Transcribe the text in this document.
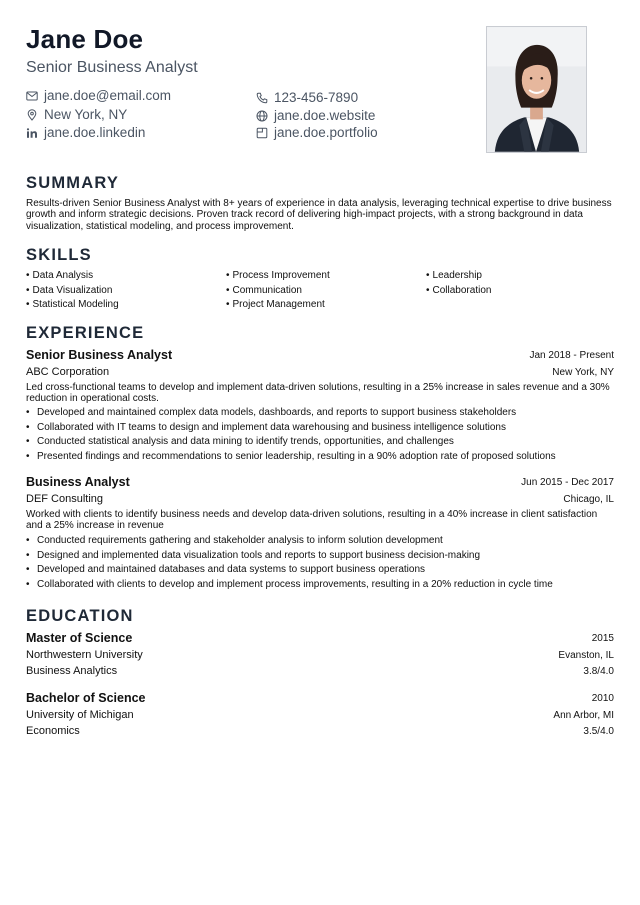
Jane Doe
Senior Business Analyst
jane.doe@email.com
New York, NY
jane.doe.linkedin
123-456-7890
jane.doe.website
jane.doe.portfolio
SUMMARY
Results-driven Senior Business Analyst with 8+ years of experience in data analysis, leveraging technical expertise to drive business growth and inform strategic decisions. Proven track record of delivering high-impact projects, with a strong background in data visualization, statistical modeling, and process improvement.
SKILLS
• Data Analysis
• Data Visualization
• Statistical Modeling
• Process Improvement
• Communication
• Project Management
• Leadership
• Collaboration
EXPERIENCE
Senior Business Analyst	Jan 2018 - Present
ABC Corporation	New York, NY
Led cross-functional teams to develop and implement data-driven solutions, resulting in a 25% increase in sales revenue and a 30% reduction in operational costs.
• Developed and maintained complex data models, dashboards, and reports to support business stakeholders
• Collaborated with IT teams to design and implement data warehousing and business intelligence solutions
• Conducted statistical analysis and data mining to identify trends, opportunities, and challenges
• Presented findings and recommendations to senior leadership, resulting in a 90% adoption rate of proposed solutions
Business Analyst	Jun 2015 - Dec 2017
DEF Consulting	Chicago, IL
Worked with clients to identify business needs and develop data-driven solutions, resulting in a 40% increase in client satisfaction and a 25% increase in revenue
• Conducted requirements gathering and stakeholder analysis to inform solution development
• Designed and implemented data visualization tools and reports to support business decision-making
• Developed and maintained databases and data systems to support business operations
• Collaborated with clients to develop and implement process improvements, resulting in a 20% reduction in cycle time
EDUCATION
Master of Science	2015
Northwestern University	Evanston, IL
Business Analytics	3.8/4.0
Bachelor of Science	2010
University of Michigan	Ann Arbor, MI
Economics	3.5/4.0
